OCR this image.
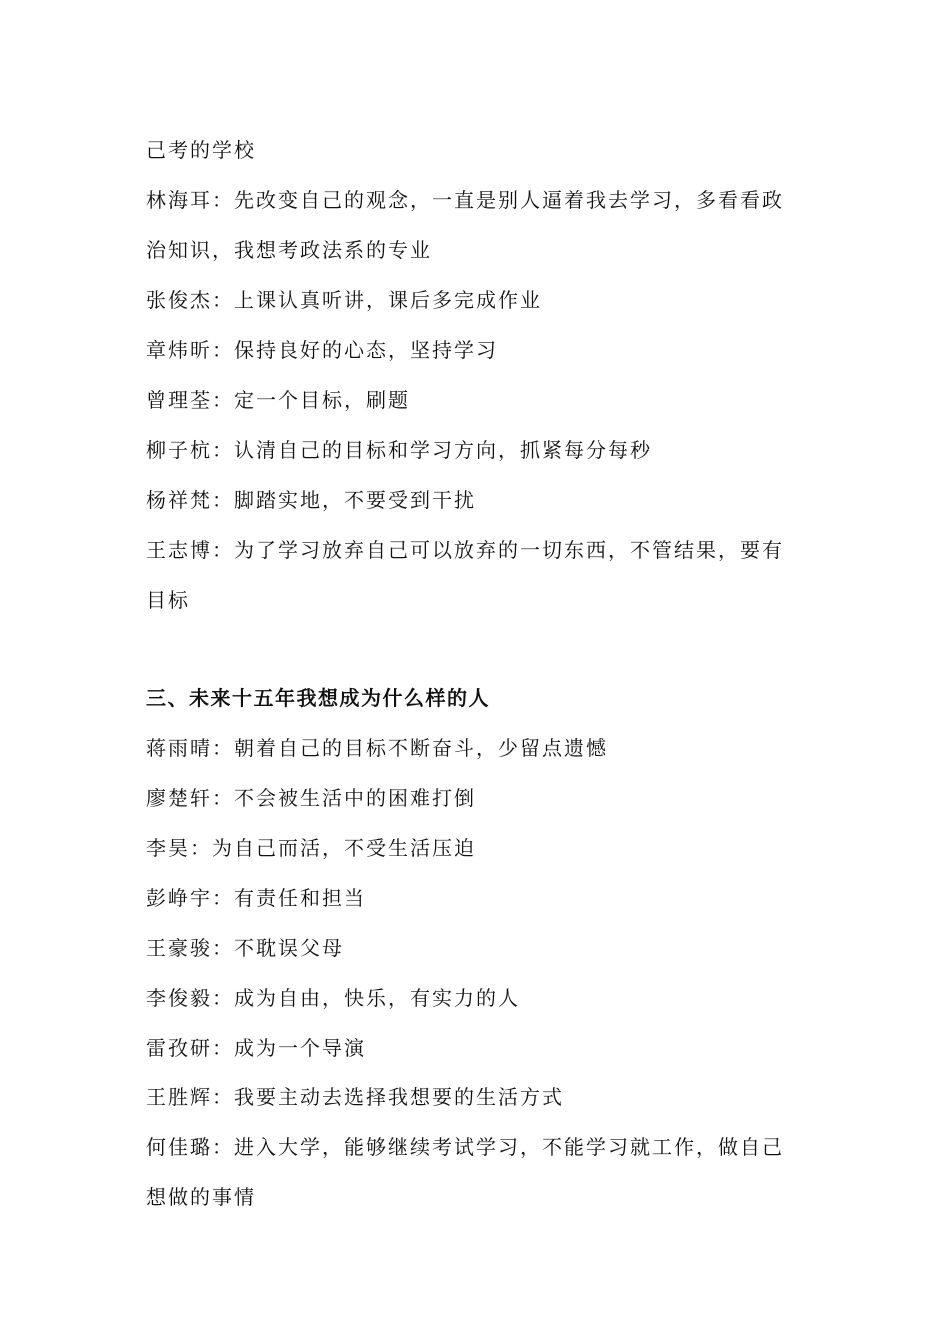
己考的学校
林海耳：先改变自己的观念，一直是别人逼着我去学习，多看看政
治知识，我想考政法系的专业
张俊杰：上课认真听讲，课后多完成作业
章炜昕：保持良好的心态，坚持学习
曾理荃：定一个目标，刷题
柳子杭：认清自己的目标和学习方向，抓紧每分每秒
杨祥梵：脚踏实地，不要受到干扰
王志博：为了学习放弃自己可以放弃的一切东西，不管结果，要有
目标
三、未来十五年我想成为什么样的人
蒋雨晴：朝着自己的目标不断奋斗，少留点遗憾
廖楚轩：不会被生活中的困难打倒
李昊：为自己而活，不受生活压迫
彭峥宇：有责任和担当
王豪骏：不耽误父母
李俊毅：成为自由，快乐，有实力的人
雷孜研：成为一个导演
王胜辉：我要主动去选择我想要的生活方式
何佳璐：进入大学，能够继续考试学习，不能学习就工作，做自己
想做的事情
